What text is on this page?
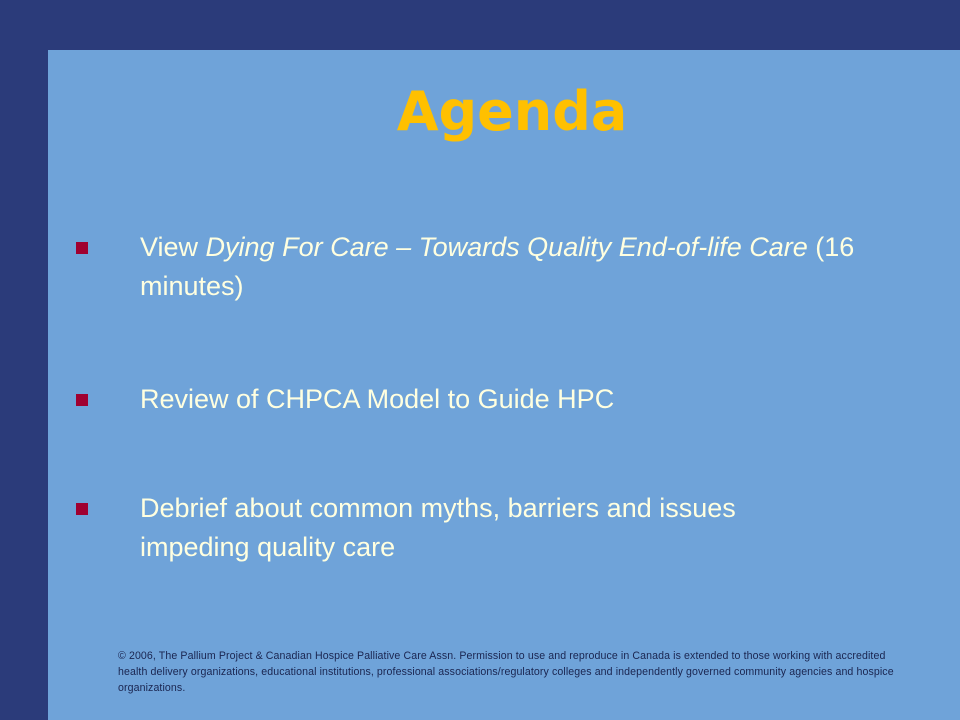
Agenda
View Dying For Care – Towards Quality End-of-life Care (16 minutes)
Review of CHPCA Model to Guide HPC
Debrief about common myths, barriers and issues impeding quality care
© 2006, The Pallium Project & Canadian Hospice Palliative Care Assn. Permission to use and reproduce in Canada is extended to those working with accredited health delivery organizations, educational institutions, professional associations/regulatory colleges and independently governed community agencies and hospice organizations.
